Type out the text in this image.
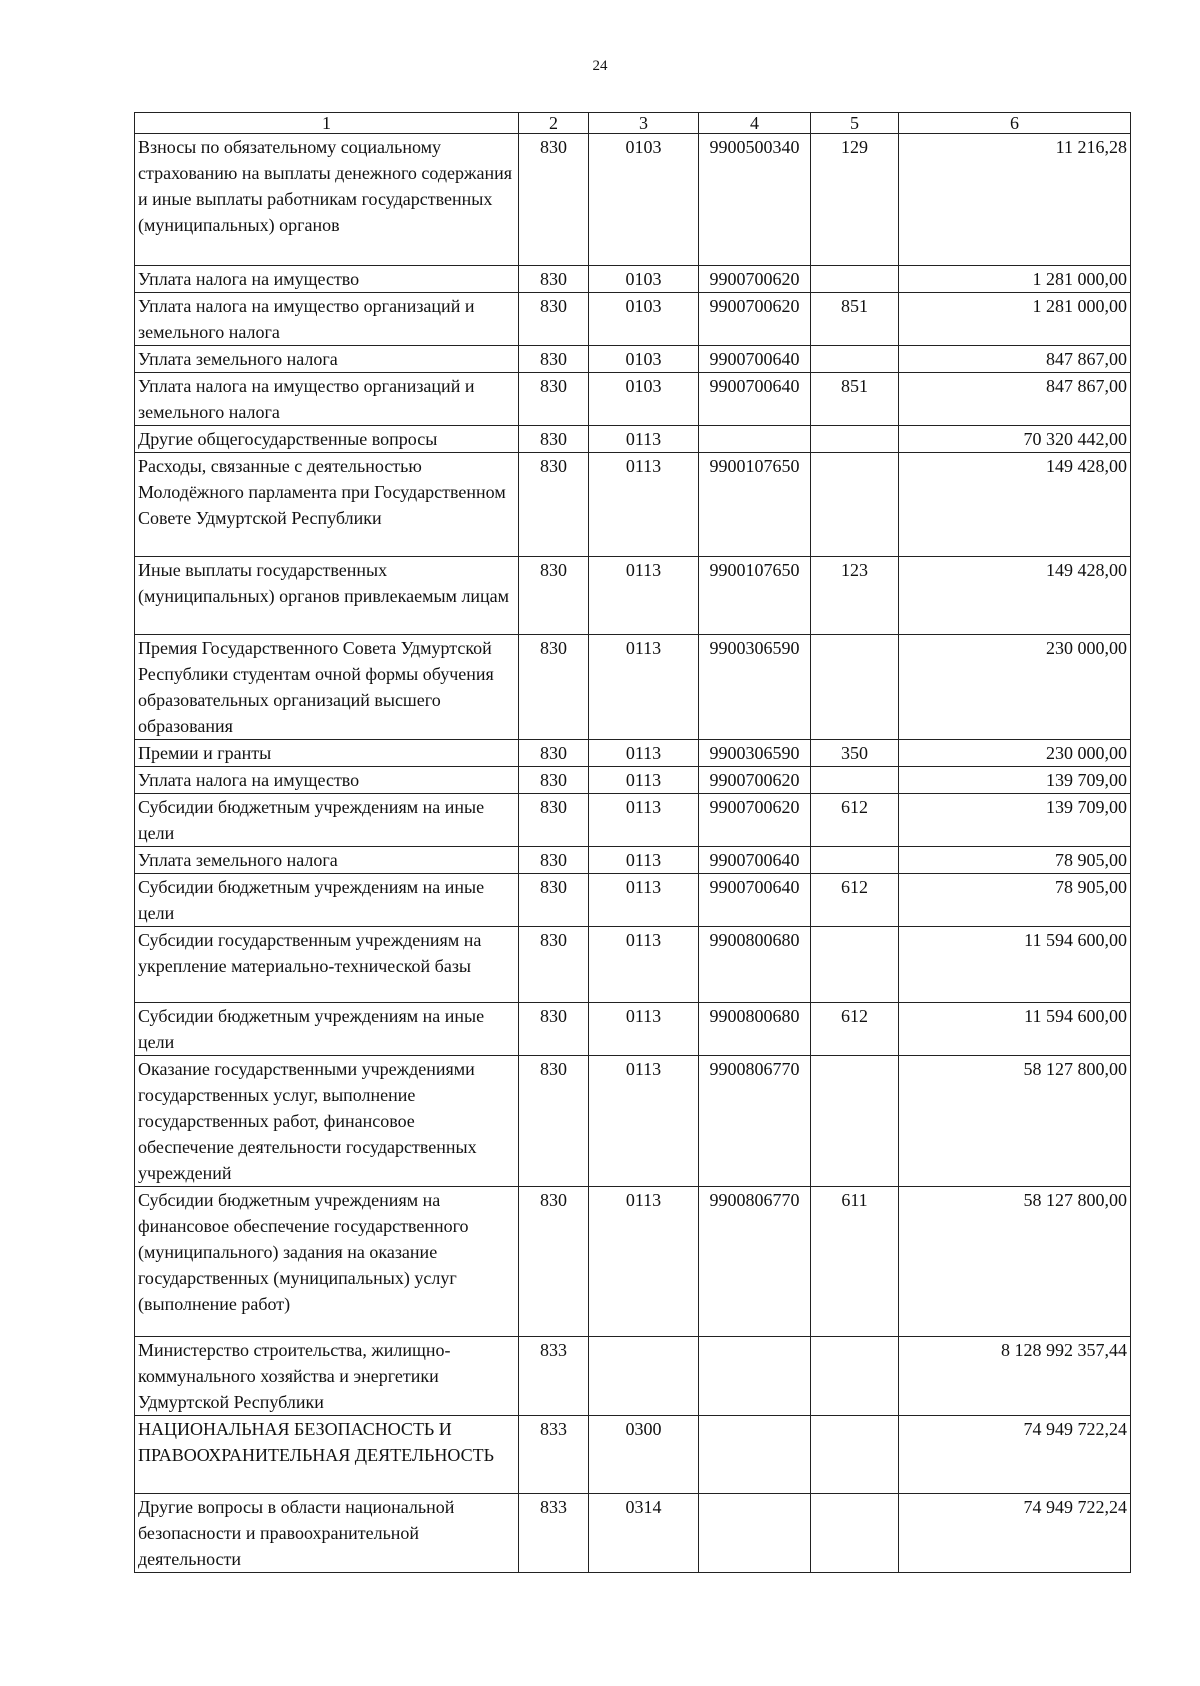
24
1	2	3	4	5	6
Взносы по обязательному социальному страхованию на выплаты денежного содержания и иные выплаты работникам государственных (муниципальных) органов	830	0103	9900500340	129	11 216,28
Уплата налога на имущество	830	0103	9900700620		1 281 000,00
Уплата налога на имущество организаций и земельного налога	830	0103	9900700620	851	1 281 000,00
Уплата земельного налога	830	0103	9900700640		847 867,00
Уплата налога на имущество организаций и земельного налога	830	0103	9900700640	851	847 867,00
Другие общегосударственные вопросы	830	0113			70 320 442,00
Расходы, связанные с деятельностью Молодёжного парламента при Государственном Совете Удмуртской Республики	830	0113	9900107650		149 428,00
Иные выплаты государственных (муниципальных) органов привлекаемым лицам	830	0113	9900107650	123	149 428,00
Премия Государственного Совета Удмуртской Республики студентам очной формы обучения образовательных организаций высшего образования	830	0113	9900306590		230 000,00
Премии и гранты	830	0113	9900306590	350	230 000,00
Уплата налога на имущество	830	0113	9900700620		139 709,00
Субсидии бюджетным учреждениям на иные цели	830	0113	9900700620	612	139 709,00
Уплата земельного налога	830	0113	9900700640		78 905,00
Субсидии бюджетным учреждениям на иные цели	830	0113	9900700640	612	78 905,00
Субсидии государственным учреждениям на укрепление материально-технической базы	830	0113	9900800680		11 594 600,00
Субсидии бюджетным учреждениям на иные цели	830	0113	9900800680	612	11 594 600,00
Оказание государственными учреждениями государственных услуг, выполнение государственных работ, финансовое обеспечение деятельности государственных учреждений	830	0113	9900806770		58 127 800,00
Субсидии бюджетным учреждениям на финансовое обеспечение государственного (муниципального) задания на оказание государственных (муниципальных) услуг (выполнение работ)	830	0113	9900806770	611	58 127 800,00
Министерство строительства, жилищно-коммунального хозяйства и энергетики Удмуртской Республики	833				8 128 992 357,44
НАЦИОНАЛЬНАЯ БЕЗОПАСНОСТЬ И ПРАВООХРАНИТЕЛЬНАЯ ДЕЯТЕЛЬНОСТЬ	833	0300			74 949 722,24
Другие вопросы в области национальной безопасности и правоохранительной деятельности	833	0314			74 949 722,24
